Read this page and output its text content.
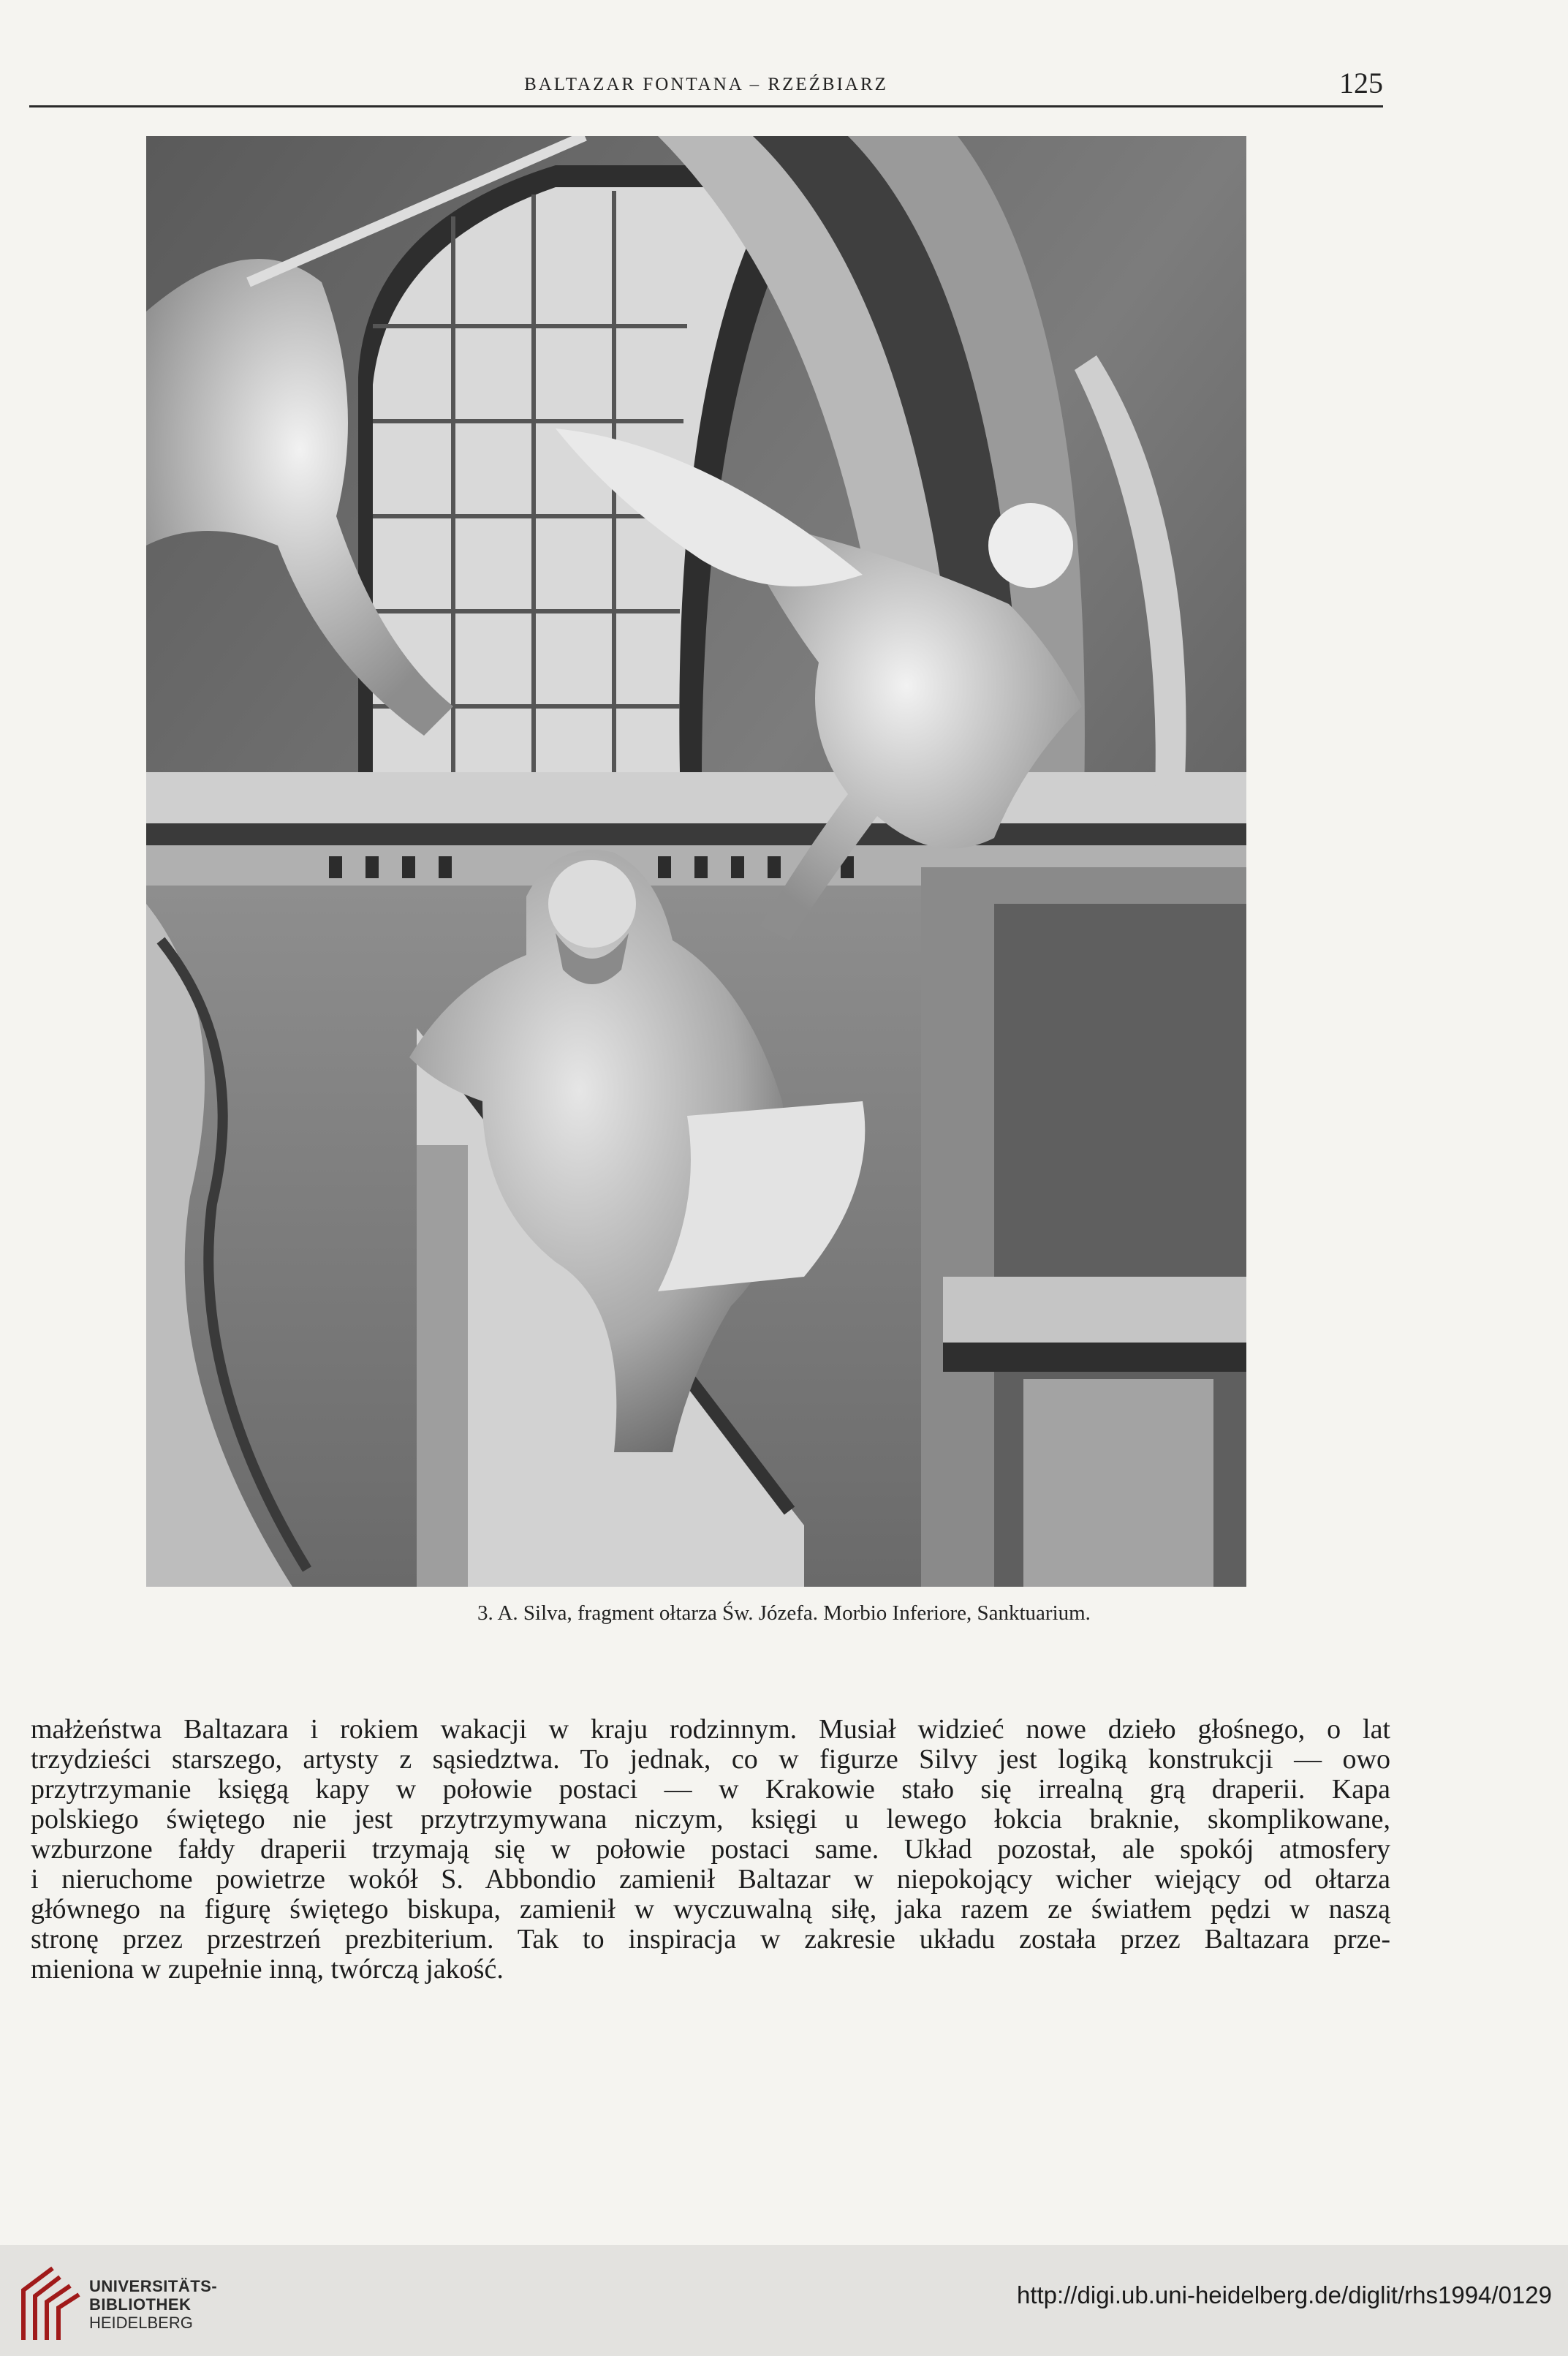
BALTAZAR FONTANA – RZEŹBIARZ	125
3. A. Silva, fragment ołtarza Św. Józefa. Morbio Inferiore, Sanktuarium.
małżeństwa Baltazara i rokiem wakacji w kraju rodzinnym. Musiał widzieć nowe dzieło głośnego, o lat
trzydzieści starszego, artysty z sąsiedztwa. To jednak, co w figurze Silvy jest logiką konstrukcji — owo
przytrzymanie księgą kapy w połowie postaci — w Krakowie stało się irrealną grą draperii. Kapa
polskiego świętego nie jest przytrzymywana niczym, księgi u lewego łokcia braknie, skomplikowane,
wzburzone fałdy draperii trzymają się w połowie postaci same. Układ pozostał, ale spokój atmosfery
i nieruchome powietrze wokół S. Abbondio zamienił Baltazar w niepokojący wicher wiejący od ołtarza
głównego na figurę świętego biskupa, zamienił w wyczuwalną siłę, jaka razem ze światłem pędzi w naszą
stronę przez przestrzeń prezbiterium. Tak to inspiracja w zakresie układu została przez Baltazara prze-
mieniona w zupełnie inną, twórczą jakość.
UNIVERSITÄTS-
BIBLIOTHEK
HEIDELBERG
http://digi.ub.uni-heidelberg.de/diglit/rhs1994/0129
